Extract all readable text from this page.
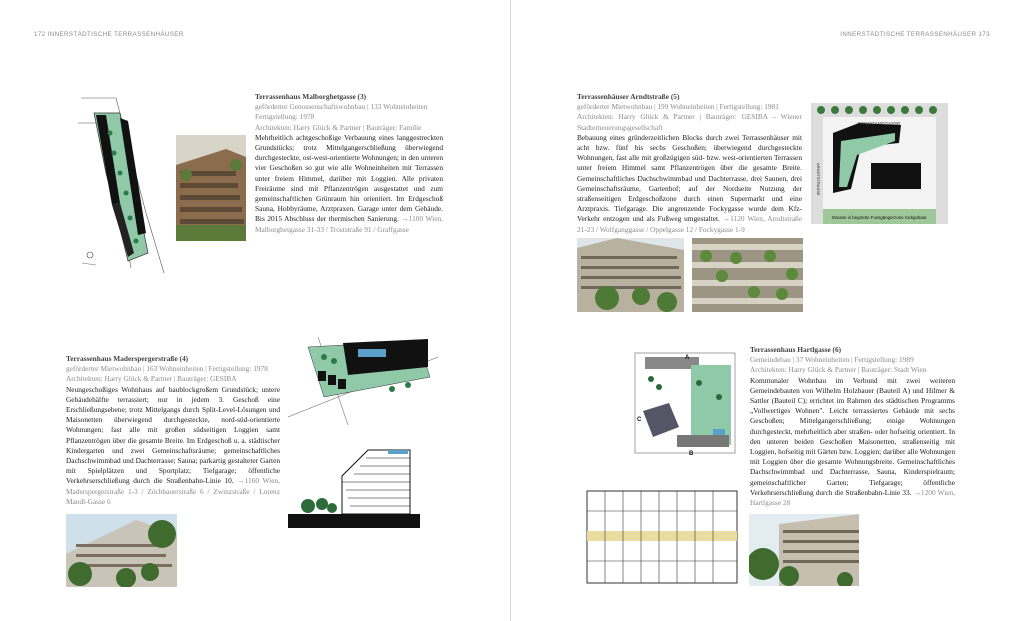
172 INNERSTÄDTISCHE TERRASSENHÄUSER
Terrassenhaus Malborghetgasse (3)
geförderter Genossenschaftswohnbau | 133 Wohneinheiten
Fertigstellung: 1978
Architekten: Harry Glück & Partner | Bauträger: Familie
Mehrheitlich achtgeschoßige Verbauung eines langgestreckten Grundstücks; trotz Mittelgangerschließung überwiegend durchgesteckte, ost-west-orientierte Wohnungen; in den unteren vier Geschoßen so gut wie alle Wohneinheiten mit Terrassen unter freiem Himmel, darüber mit Loggien. Alle privaten Freiräume sind mit Pflanzentrögen ausgestattet und zum gemeinschaftlichen Grünraum hin orientiert. Im Erdgeschoß Sauna, Hobbyräume, Arztpraxen. Garage unter dem Gebäude. Bis 2015 Abschluss der thermischen Sanierung. →1100 Wien, Malborghetgasse 31-33 / Troststraße 91 / Graffgasse
Terrassenhaus Maderspergerstraße (4)
geförderter Mietwohnbau | 163 Wohneinheiten | Fertigstellung: 1978
Architekten: Harry Glück & Partner | Bauträger: GESIBA
Neungeschoßiges Wohnhaus auf baublockgroßem Grundstück; untere Gebäudehälfte terrassiert; nur in jedem 3. Geschoß eine Erschließungsebene; trotz Mittelgangs durch Split-Level-Lösungen und Maisonetten überwiegend durchgesteckte, nord-süd-orientierte Wohnungen; fast alle mit großen südseitigen Loggien samt Pflanzentrögen über die gesamte Breite. Im Erdgeschoß u. a. städtischer Kindergarten und zwei Gemeinschaftsräume; gemeinschaftliches Dachschwimmbad und Dachterrasse; Sauna; parkartig gestalteter Garten mit Spielplätzen und Sportplatz; Tiefgarage; öffentliche Verkehrserschließung durch die Straßenbahn-Linie 10. →1160 Wien, Maderspergerstraße 1-3 / Zöchbauerstraße 6 / Zwinzstraße / Lorenz Mandl-Gasse 6
INNERSTÄDTISCHE TERRASSENHÄUSER 173
Terrassenhäuser Arndtstraße (5)
geförderter Mietwohnbau | 199 Wohneinheiten | Fertigstellung: 1981
Architekten: Harry Glück & Partner | Bauträger: GESIBA – Wiener Stadterneuerungsgesellschaft
Bebauung eines gründerzeitlichen Blocks durch zwei Terrassenhäuser mit acht bzw. fünf bis sechs Geschoßen; überwiegend durchgesteckte Wohnungen, fast alle mit großzügigen süd- bzw. west-orientierten Terrassen unter freiem Himmel samt Pflanzentrögen über die gesamte Breite. Gemeinschaftliches Dachschwimmbad und Dachterrasse, drei Saunen, drei Gemeinschaftsräume, Gartenhof; auf der Nordseite Nutzung der straßenseitigen Erdgeschoßzone durch einen Supermarkt und eine Arztpraxis. Tiefgarage. Die angrenzende Fockygasse wurde dem Kfz-Verkehr entzogen und als Fußweg umgestaltet. →1120 Wien, Arndtstraße 21-23 / Wolfganggasse / Oppelgasse 12 / Fockygasse 1-9
WOLFGANGGASSE
Strasse in begrünte Fussgängerzone rückgebaut
ARNDTSTRASSE
A
B
C
Terrassenhaus Hartlgasse (6)
Gemeindebau | 37 Wohneinheiten | Fertigstellung: 1989
Architekten: Harry Glück & Partner | Bauträger: Stadt Wien
Kommunaler Wohnbau im Verbund mit zwei weiteren Gemeindebauten von Wilhelm Holzbauer (Bauteil A) und Hilmer & Sattler (Bauteil C); errichtet im Rahmen des städtischen Programms „Vollwertiges Wohnen". Leicht terrassiertes Gebäude mit sechs Geschoßen; Mittelgangerschließung; einige Wohnungen durchgesteckt, mehrheitlich aber straßen- oder hofseitig orientiert. In den unteren beiden Geschoßen Maisonetten, straßenseitig mit Loggien, hofseitig mit Gärten bzw. Loggien; darüber alle Wohnungen mit Loggien über die gesamte Wohnungsbreite. Gemeinschaftliches Dachschwimmbad und Dachterrasse, Sauna, Kinderspielraum; gemeinschaftlicher Garten; Tiefgarage; öffentliche Verkehrserschließung durch die Straßenbahn-Linie 33. →1200 Wien, Hartlgasse 28
